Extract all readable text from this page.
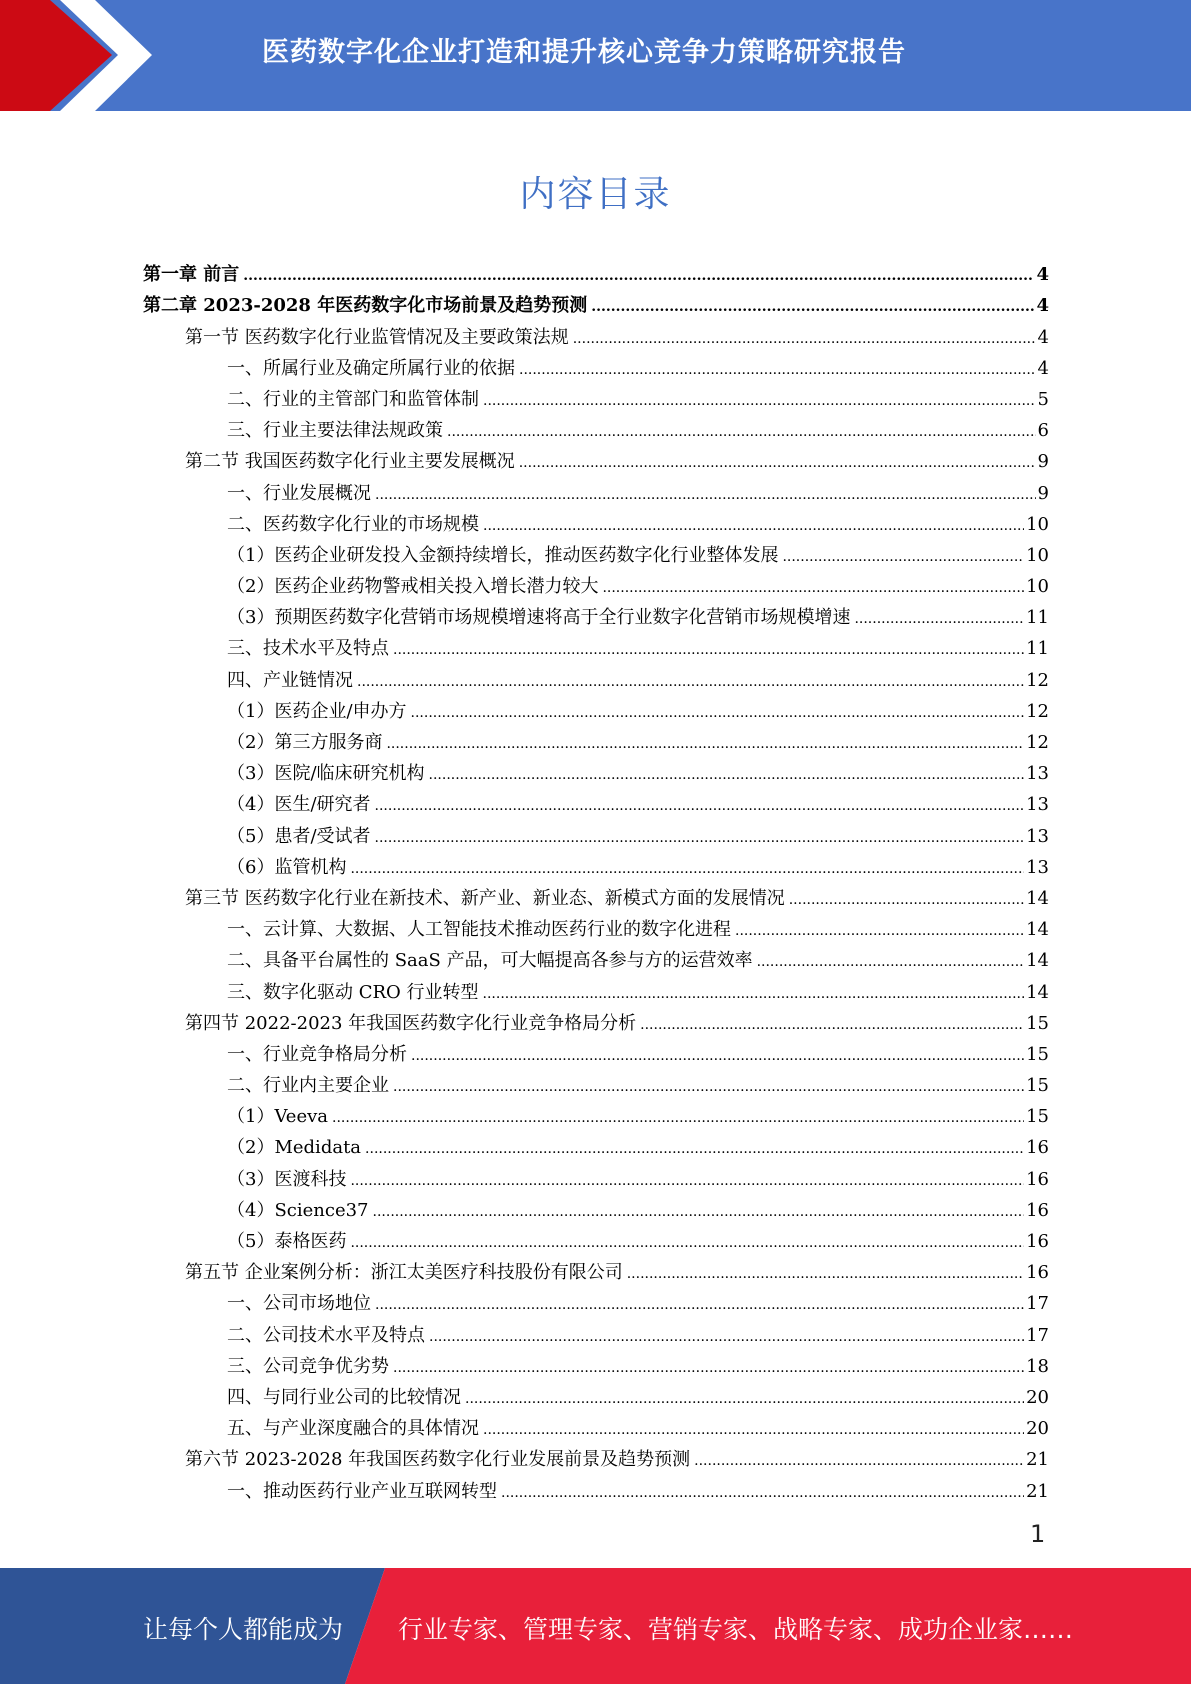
医药数字化企业打造和提升核心竞争力策略研究报告
内容目录
第一章 前言 .....	4
第二章 2023-2028 年医药数字化市场前景及趋势预测 .....	4
第一节 医药数字化行业监管情况及主要政策法规 .....	4
一、所属行业及确定所属行业的依据 .....	4
二、行业的主管部门和监管体制 .....	5
三、行业主要法律法规政策 .....	6
第二节 我国医药数字化行业主要发展概况 .....	9
一、行业发展概况 .....	9
二、医药数字化行业的市场规模 .....	10
（1）医药企业研发投入金额持续增长，推动医药数字化行业整体发展 .....	10
（2）医药企业药物警戒相关投入增长潜力较大 .....	10
（3）预期医药数字化营销市场规模增速将高于全行业数字化营销市场规模增速 .....	11
三、技术水平及特点 .....	11
四、产业链情况 .....	12
（1）医药企业/申办方 .....	12
（2）第三方服务商 .....	12
（3）医院/临床研究机构 .....	13
（4）医生/研究者 .....	13
（5）患者/受试者 .....	13
（6）监管机构 .....	13
第三节 医药数字化行业在新技术、新产业、新业态、新模式方面的发展情况 .....	14
一、云计算、大数据、人工智能技术推动医药行业的数字化进程 .....	14
二、具备平台属性的 SaaS 产品，可大幅提高各参与方的运营效率 .....	14
三、数字化驱动 CRO 行业转型 .....	14
第四节 2022-2023 年我国医药数字化行业竞争格局分析 .....	15
一、行业竞争格局分析 .....	15
二、行业内主要企业 .....	15
（1）Veeva .....	15
（2）Medidata .....	16
（3）医渡科技 .....	16
（4）Science37 .....	16
（5）泰格医药 .....	16
第五节 企业案例分析：浙江太美医疗科技股份有限公司 .....	16
一、公司市场地位 .....	17
二、公司技术水平及特点 .....	17
三、公司竞争优劣势 .....	18
四、与同行业公司的比较情况 .....	20
五、与产业深度融合的具体情况 .....	20
第六节 2023-2028 年我国医药数字化行业发展前景及趋势预测 .....	21
一、推动医药行业产业互联网转型 .....	21
1
让每个人都能成为 行业专家、管理专家、营销专家、战略专家、成功企业家……
